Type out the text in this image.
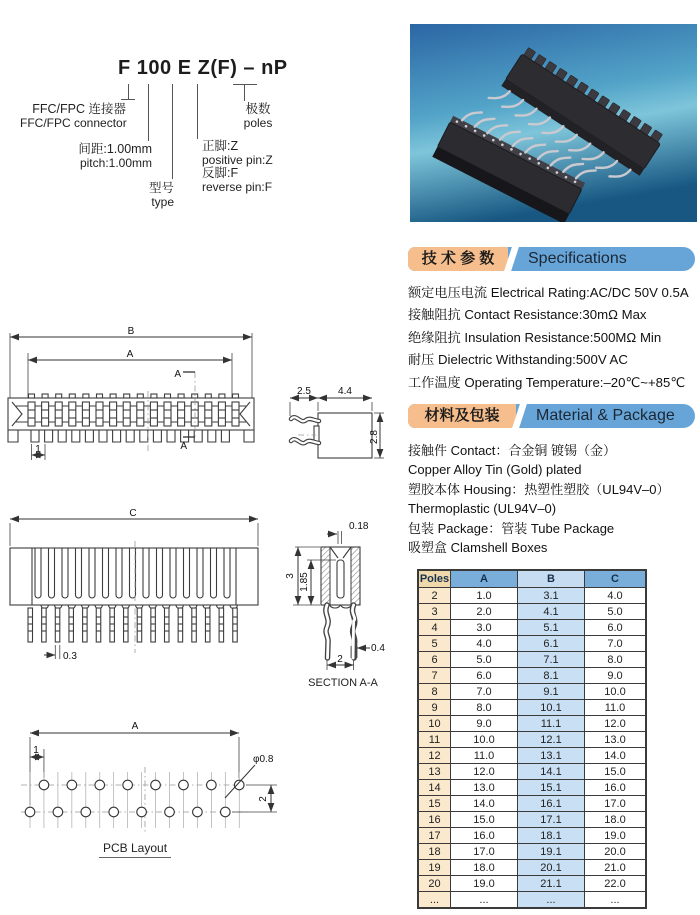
F 100 E Z(F) – nP
FFC/FPC 连接器
FFC/FPC connector
间距:1.00mm
pitch:1.00mm
型号
type
正脚:Z
positive pin:Z
反脚:F
reverse pin:F
极数
poles
技 术 参 数	Specifications
额定电压电流 Electrical Rating:AC/DC 50V 0.5A
接触阻抗 Contact Resistance:30mΩ Max
绝缘阻抗 Insulation Resistance:500MΩ Min
耐压 Dielectric Withstanding:500V AC
工作温度 Operating Temperature:–20℃~+85℃
材料及包装	Material & Package
接触件 Contact：合金铜 镀锡（金）
Copper Alloy Tin (Gold) plated
塑胶本体 Housing：热塑性塑胶（UL94V–0）
Thermoplastic (UL94V–0)
包装 Package：管装 Tube Package
吸塑盒 Clamshell Boxes
Poles	A	B	C
2	1.0	3.1	4.0
3	2.0	4.1	5.0
4	3.0	5.1	6.0
5	4.0	6.1	7.0
6	5.0	7.1	8.0
7	6.0	8.1	9.0
8	7.0	9.1	10.0
9	8.0	10.1	11.0
10	9.0	11.1	12.0
11	10.0	12.1	13.0
12	11.0	13.1	14.0
13	12.0	14.1	15.0
14	13.0	15.1	16.0
15	14.0	16.1	17.0
16	15.0	17.1	18.0
17	16.0	18.1	19.0
18	17.0	19.1	20.0
19	18.0	20.1	21.0
20	19.0	21.1	22.0
...	...	...	...
B
A
1
A
A
2.5	4.4
2.8
C
0.3
0.18
3 1.85
0.4
2
SECTION A-A
A
1
φ0.8
2
PCB Layout
